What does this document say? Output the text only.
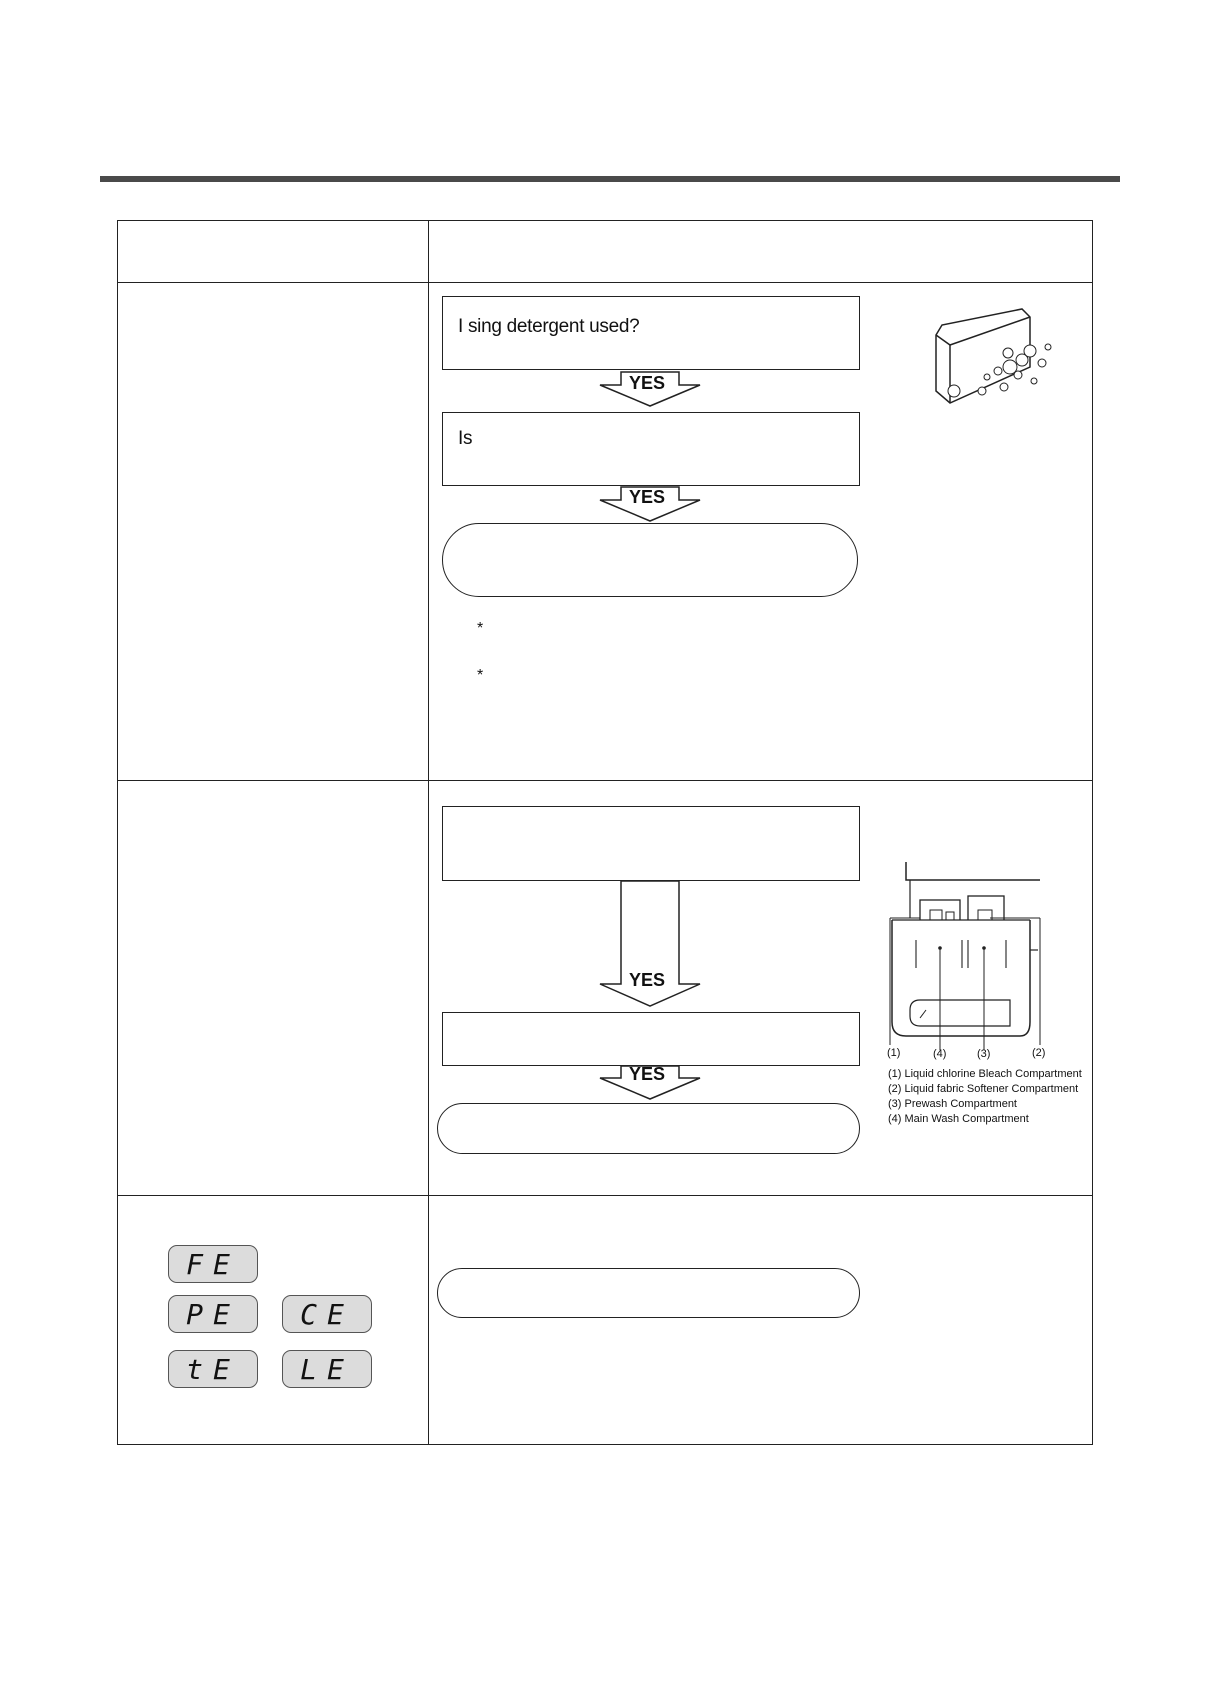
I sing detergent used?
YES
Is
YES
*
*
YES
YES
(1)	(4)	(3)	(2)
(1) Liquid chlorine Bleach Compartment
(2) Liquid fabric Softener Compartment
(3) Prewash Compartment
(4) Main Wash Compartment
FE
PE	CE
tE	LE
